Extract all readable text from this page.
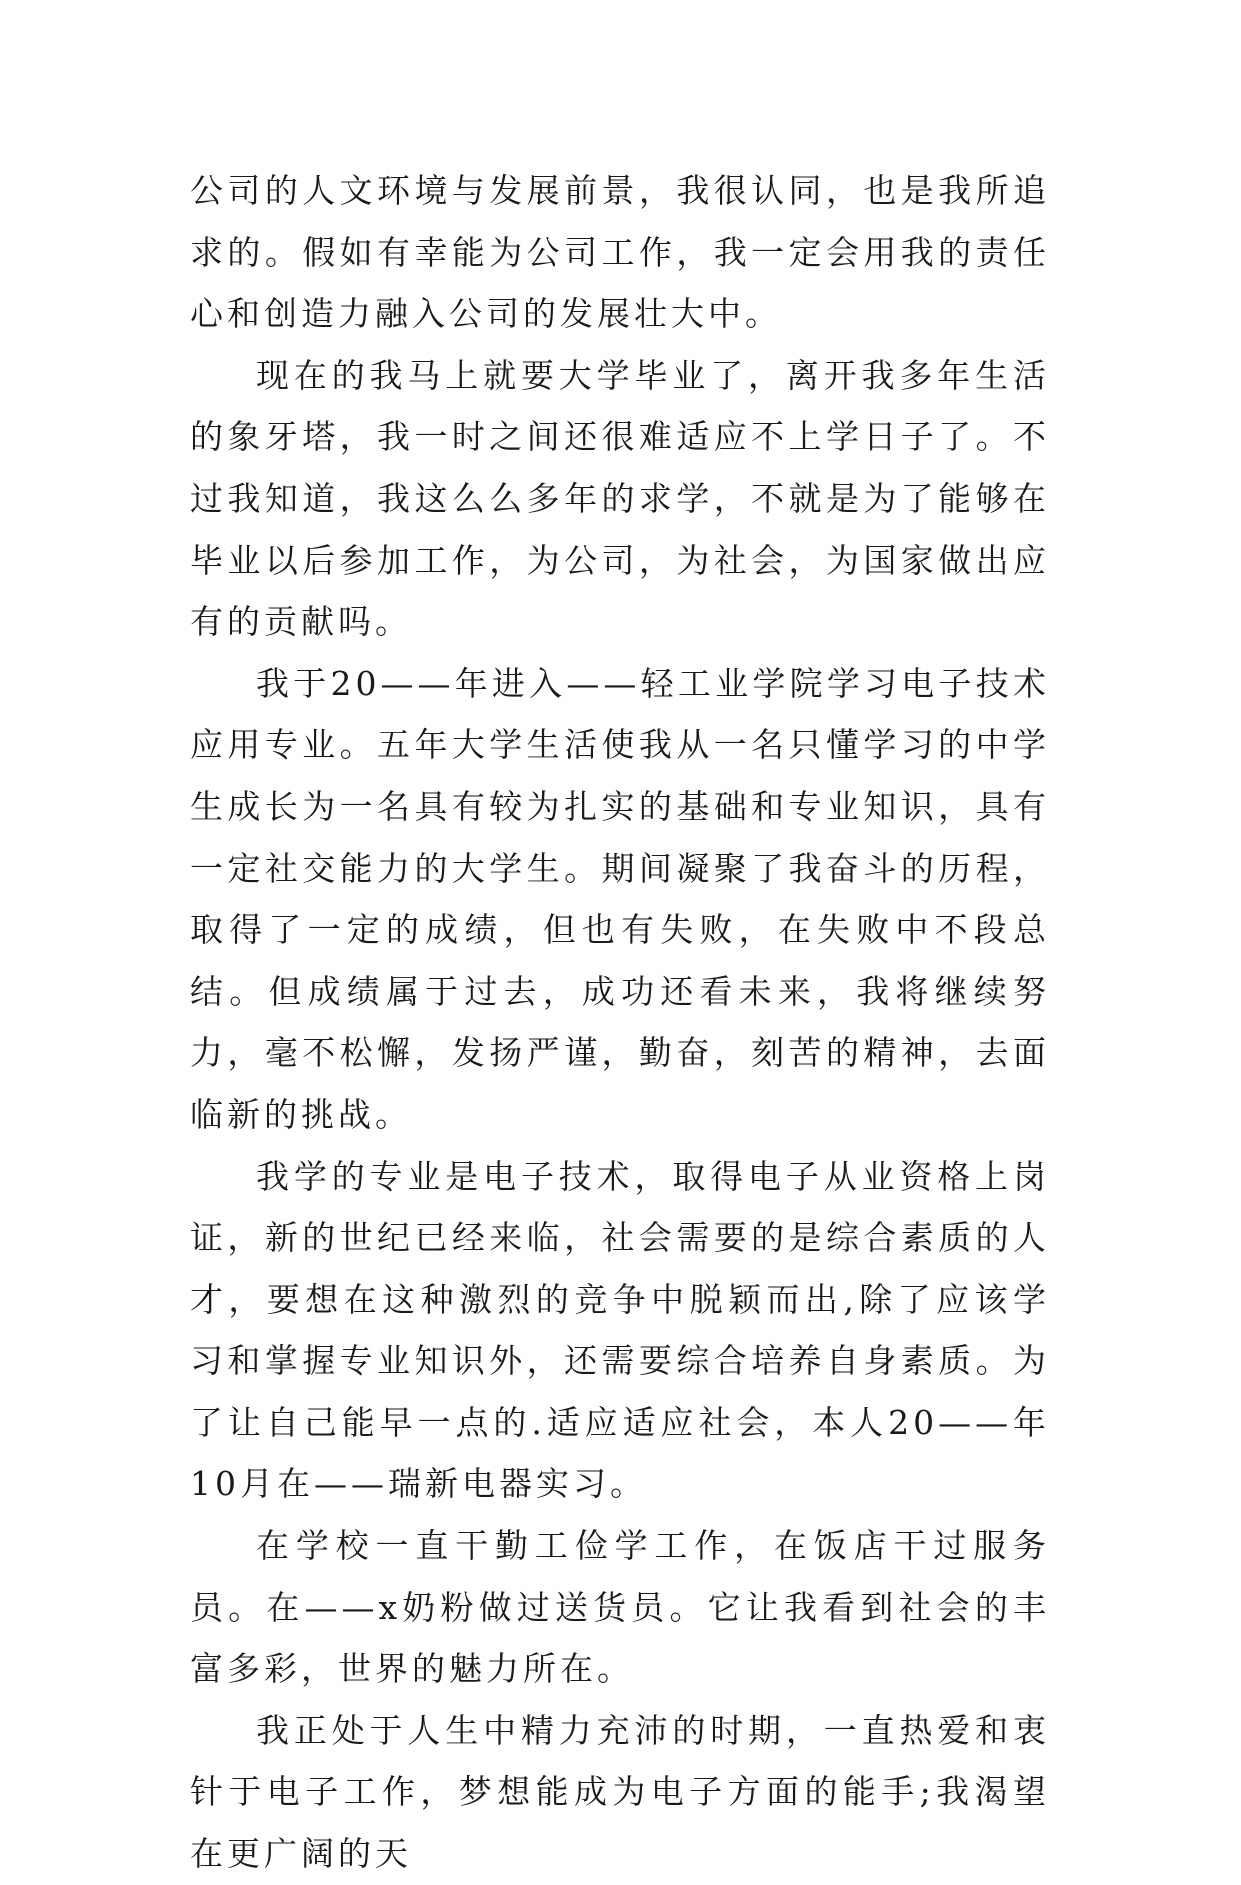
公司的人文环境与发展前景，我很认同，也是我所追求的。假如有幸能为公司工作，我一定会用我的责任心和创造力融入公司的发展壮大中。

现在的我马上就要大学毕业了，离开我多年生活的象牙塔，我一时之间还很难适应不上学日子了。不过我知道，我这么么多年的求学，不就是为了能够在毕业以后参加工作，为公司，为社会，为国家做出应有的贡献吗。

我于20——年进入——轻工业学院学习电子技术应用专业。五年大学生活使我从一名只懂学习的中学生成长为一名具有较为扎实的基础和专业知识，具有一定社交能力的大学生。期间凝聚了我奋斗的历程，取得了一定的成绩，但也有失败，在失败中不段总结。但成绩属于过去，成功还看未来，我将继续努力，毫不松懈，发扬严谨，勤奋，刻苦的精神，去面临新的挑战。

我学的专业是电子技术，取得电子从业资格上岗证，新的世纪已经来临，社会需要的是综合素质的人才，要想在这种激烈的竞争中脱颖而出,除了应该学习和掌握专业知识外，还需要综合培养自身素质。为了让自己能早一点的.适应适应社会，本人20——年10月在——瑞新电器实习。

在学校一直干勤工俭学工作，在饭店干过服务员。在——x奶粉做过送货员。它让我看到社会的丰富多彩，世界的魅力所在。

我正处于人生中精力充沛的时期，一直热爱和衷针于电子工作，梦想能成为电子方面的能手;我渴望在更广阔的天
